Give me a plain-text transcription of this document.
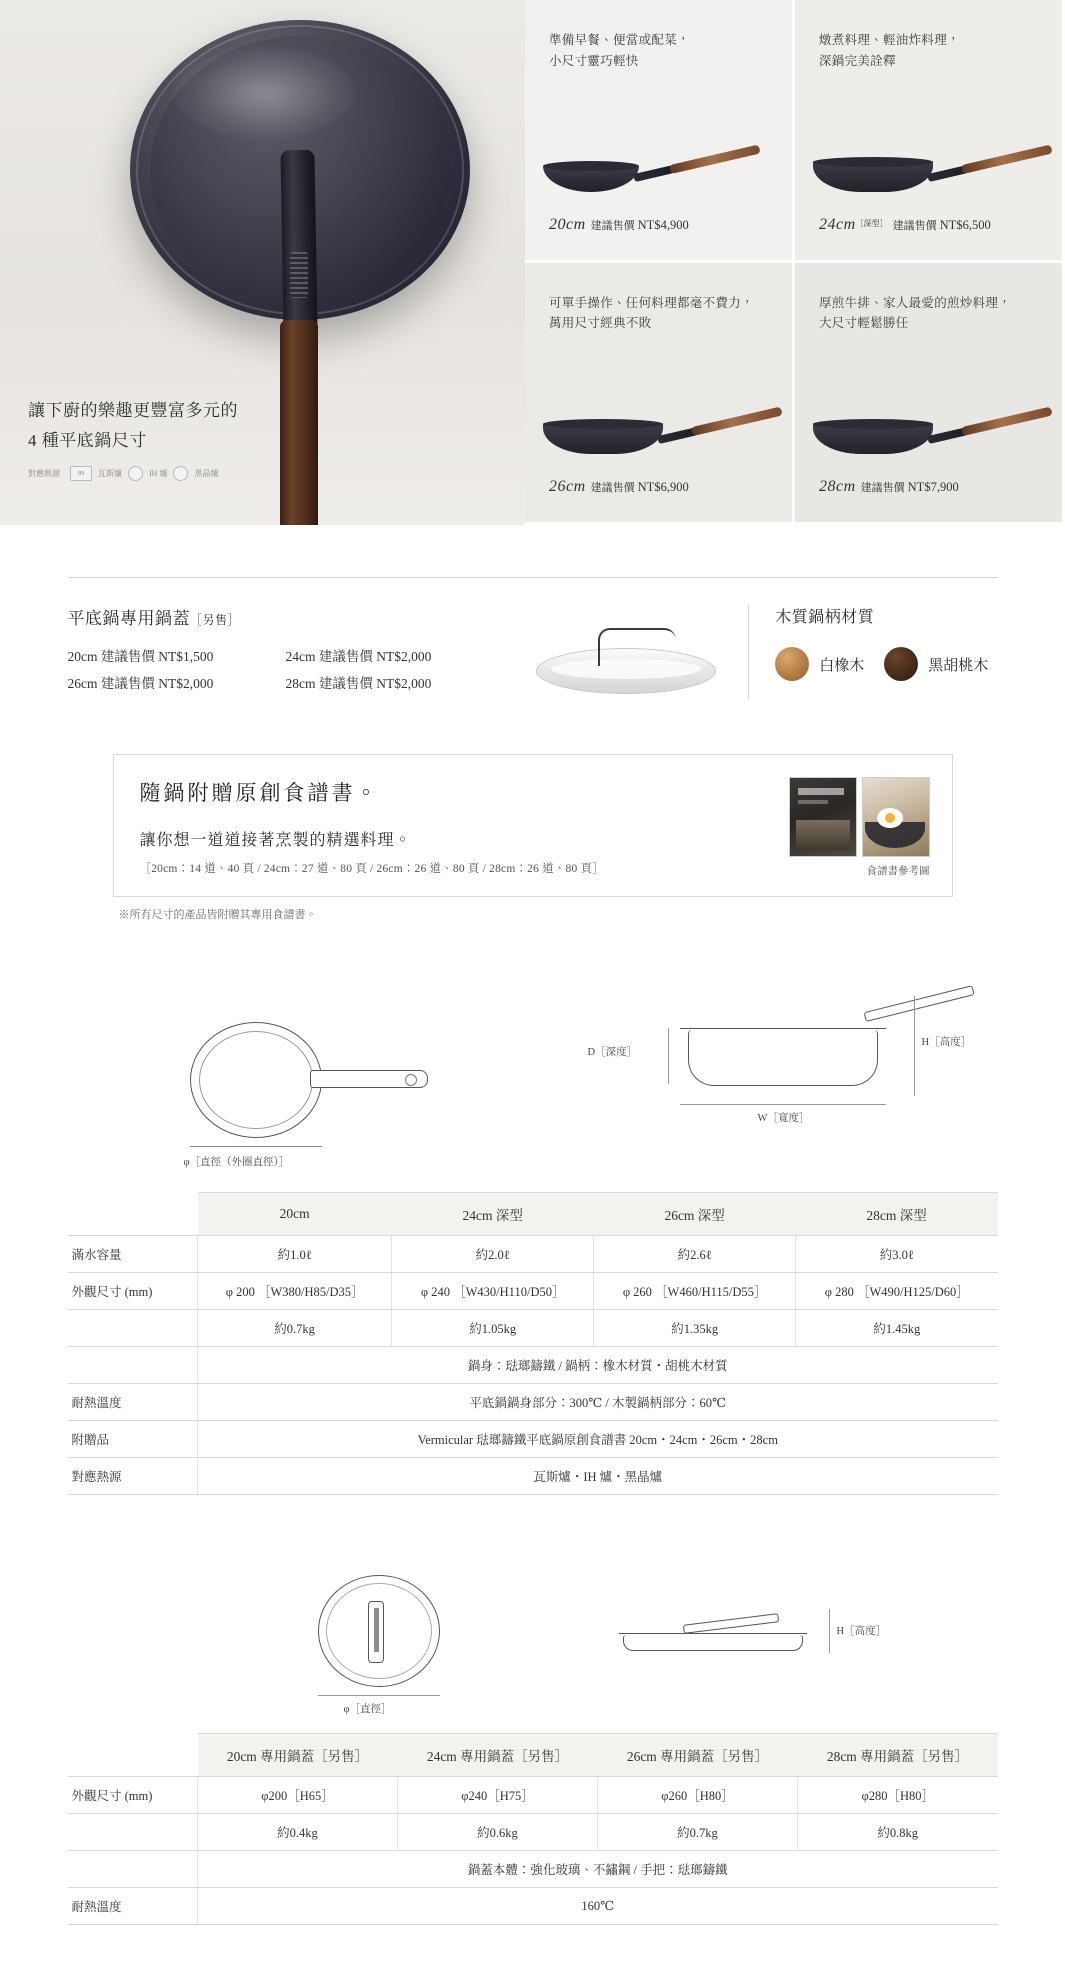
讓下廚的樂趣更豐富多元的
4 種平底鍋尺寸
對應熱源	IH	瓦斯爐	IH 爐	黑晶爐
準備早餐、便當或配菜，
小尺寸靈巧輕快
20cm 建議售價 NT$4,900
燉煮料理、輕油炸料理，
深鍋完美詮釋
$24cm^{[深型]}$ 建議售價 NT$6,500
可單手操作、任何料理都毫不費力，
萬用尺寸經典不敗
26cm 建議售價 NT$6,900
厚煎牛排、家人最愛的煎炒料理，
大尺寸輕鬆勝任
28cm 建議售價 NT$7,900
平底鍋專用鍋蓋［另售］
20cm 建議售價 NT$1,500	24cm 建議售價 NT$2,000
26cm 建議售價 NT$2,000	28cm 建議售價 NT$2,000
木質鍋柄材質
白橡木	黑胡桃木
隨鍋附贈原創食譜書。
讓你想一道道接著烹製的精選料理。
［20cm：14 道、40 頁 / 24cm：27 道、80 頁 / 26cm：26 道、80 頁 / 28cm：26 道、80 頁］	食譜書參考圖
※所有尺寸的產品皆附贈其專用食譜書。
φ［直徑（外圈直徑）］
D［深度］
H［高度］
W［寬度］
	20cm	24cm 深型	26cm 深型	28cm 深型
滿水容量	約1.0ℓ	約2.0ℓ	約2.6ℓ	約3.0ℓ
外觀尺寸 (mm)	φ 200 ［W380/H85/D35］	φ 240 ［W430/H110/D50］	φ 260 ［W460/H115/D55］	φ 280 ［W490/H125/D60］
	約0.7kg	約1.05kg	約1.35kg	約1.45kg
	鍋身：琺瑯鑄鐵 / 鍋柄：橡木材質・胡桃木材質			
耐熱溫度	平底鍋鍋身部分：300℃ / 木製鍋柄部分：60℃			
附贈品	Vermicular 琺瑯鑄鐵平底鍋原創食譜書 20cm・24cm・26cm・28cm			
對應熱源	瓦斯爐・IH 爐・黑晶爐			
φ［直徑］
H［高度］
	20cm 專用鍋蓋［另售］	24cm 專用鍋蓋［另售］	26cm 專用鍋蓋［另售］	28cm 專用鍋蓋［另售］
外觀尺寸 (mm)	φ200［H65］	φ240［H75］	φ260［H80］	φ280［H80］
	約0.4kg	約0.6kg	約0.7kg	約0.8kg
	鍋蓋本體：強化玻璃、不鏽鋼 / 手把：琺瑯鑄鐵			
耐熱溫度	160℃			
